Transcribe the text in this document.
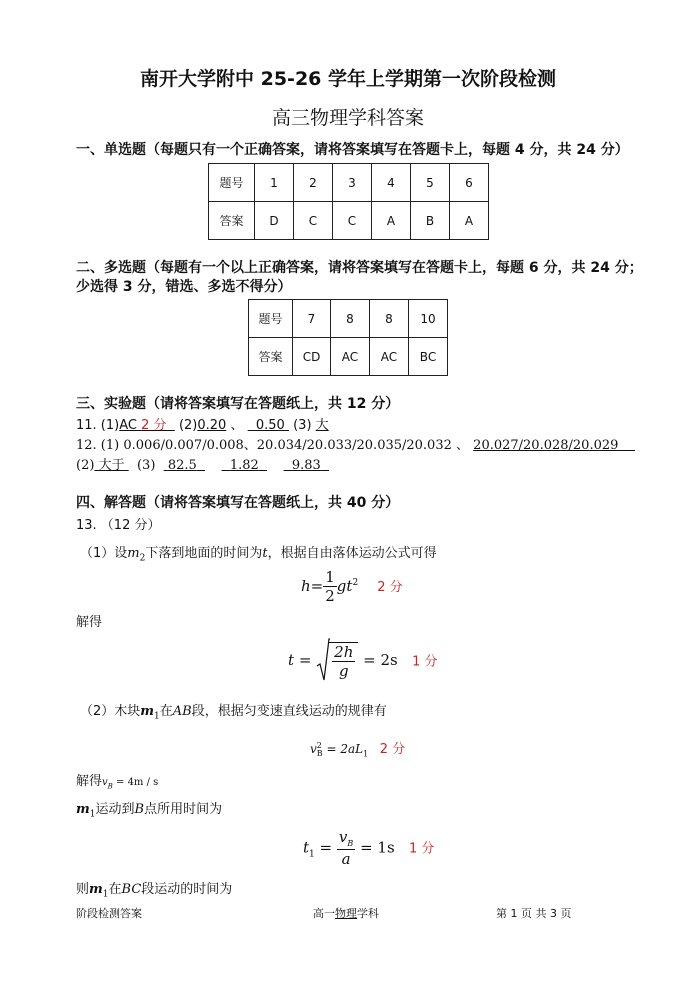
南开大学附中 25-26 学年上学期第一次阶段检测
高三物理学科答案
一、单选题（每题只有一个正确答案，请将答案填写在答题卡上，每题 4 分，共 24 分）
题号	1	2	3	4	5	6
答案	D	C	C	A	B	A
二、多选题（每题有一个以上正确答案，请将答案填写在答题卡上，每题 6 分，共 24 分；
少选得 3 分，错选、多选不得分）
题号	7	8	8	10
答案	CD	AC	AC	BC
三、实验题（请将答案填写在答题纸上，共 12 分）
11. (1)AC 2 分 (2)0.20 、 0.50 (3) 大
12. (1) 0.006/0.007/0.008、20.034/20.033/20.035/20.032 、 20.027/20.028/20.029
(2) 大于 (3) 82.5	1.82	9.83
四、解答题（请将答案填写在答题纸上，共 40 分）
13. （12 分）
（1）设$m_2$下落到地面的时间为t，根据自由落体运动公式可得
$h= \frac{1}{2} gt^2$ 2 分
解得
$t = \frac{2h}{g} = 2s$ 1 分
（2）木块$m_1$在AB段，根据匀变速直线运动的规律有
v 2
$B = 2aL_1$ 2 分
解得$v_B = 4m / s$
$m_1$运动到B点所用时间为
$t_1 = \frac{v_B}{a} = 1s$ 1 分
则$m_1$在BC段运动的时间为
阶段检测答案	高一物理学科	第 1 页 共 3 页
